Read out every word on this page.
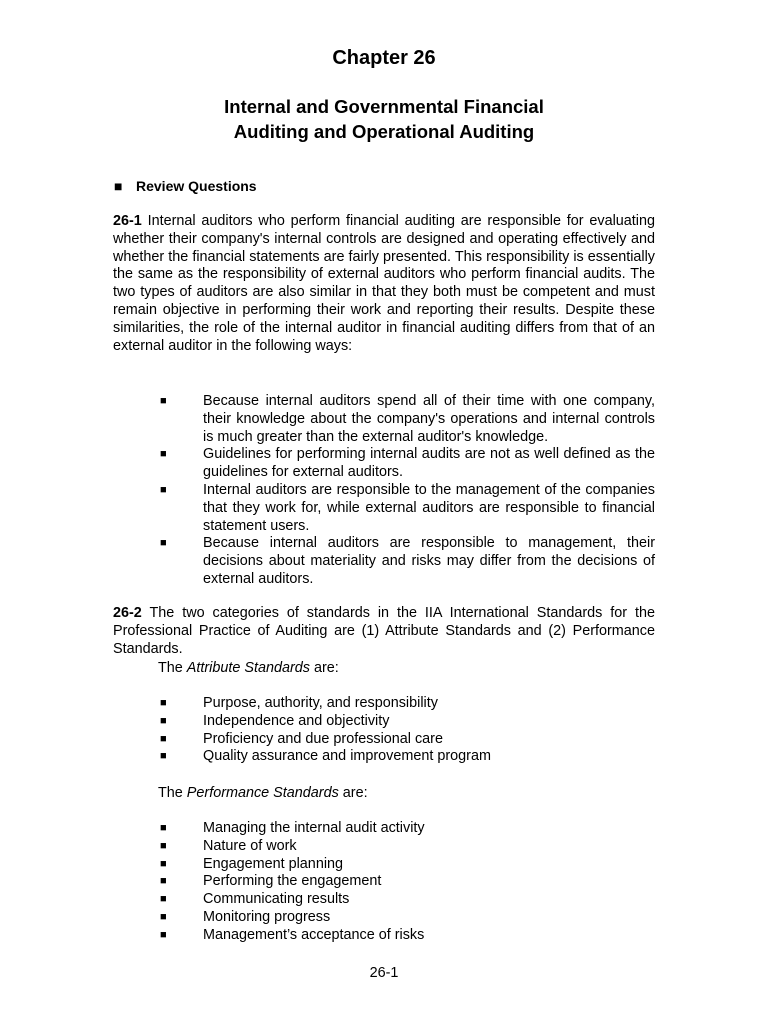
Chapter 26
Internal and Governmental Financial
Auditing and Operational Auditing
■ Review Questions
26-1 Internal auditors who perform financial auditing are responsible for evaluating whether their company's internal controls are designed and operating effectively and whether the financial statements are fairly presented. This responsibility is essentially the same as the responsibility of external auditors who perform financial audits. The two types of auditors are also similar in that they both must be competent and must remain objective in performing their work and reporting their results. Despite these similarities, the role of the internal auditor in financial auditing differs from that of an external auditor in the following ways:
■	Because internal auditors spend all of their time with one company, their knowledge about the company's operations and internal controls is much greater than the external auditor's knowledge.
■	Guidelines for performing internal audits are not as well defined as the guidelines for external auditors.
■	Internal auditors are responsible to the management of the companies that they work for, while external auditors are responsible to financial statement users.
■	Because internal auditors are responsible to management, their decisions about materiality and risks may differ from the decisions of external auditors.
26-2 The two categories of standards in the IIA International Standards for the Professional Practice of Auditing are (1) Attribute Standards and (2) Performance Standards.
The Attribute Standards are:
■	Purpose, authority, and responsibility
■	Independence and objectivity
■	Proficiency and due professional care
■	Quality assurance and improvement program
The Performance Standards are:
■	Managing the internal audit activity
■	Nature of work
■	Engagement planning
■	Performing the engagement
■	Communicating results
■	Monitoring progress
■	Management’s acceptance of risks
26-1
